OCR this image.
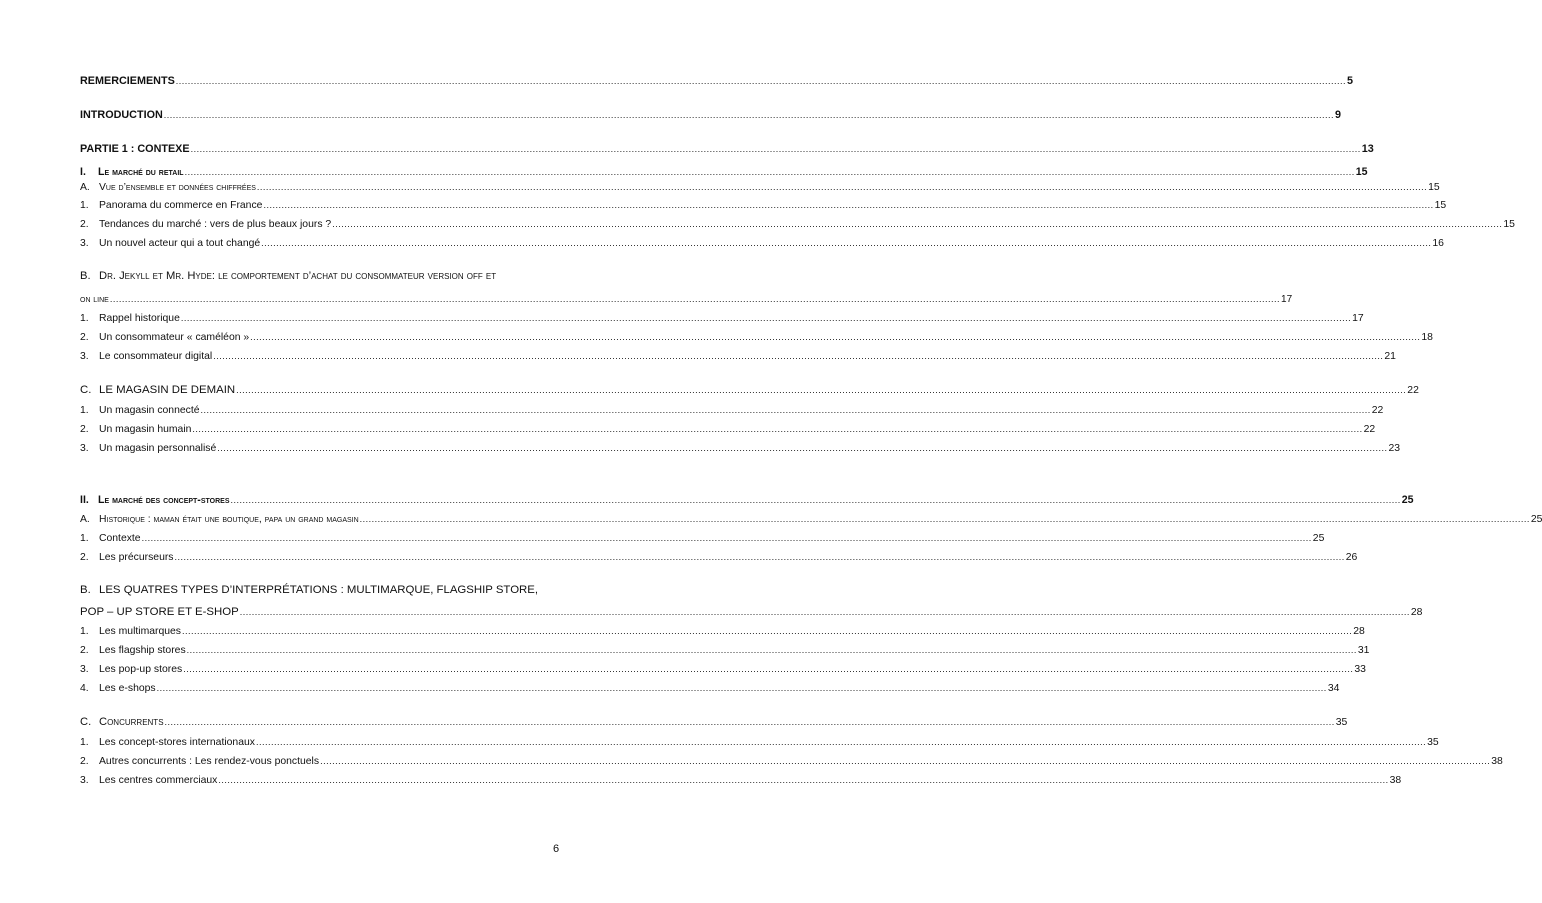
REMERCIEMENTS .....	5
INTRODUCTION .....	9
PARTIE 1 : CONTEXE .....	13
I.	Le marché du retail .....	15
A. Vue d’ensemble et données chiffrées .....	15
1. Panorama du commerce en France .....	15
2. Tendances du marché : vers de plus beaux jours ? .....	15
3. Un nouvel acteur qui a tout changé .....	16
B. Dr. Jekyll et Mr. Hyde: le comportement d’achat du consommateur version off et
on line .....	17
1. Rappel historique .....	17
2. Un consommateur « caméléon » .....	18
3. Le consommateur digital .....	21
C. LE MAGASIN DE DEMAIN .....	22
1. Un magasin connecté .....	22
2. Un magasin humain .....	22
3. Un magasin personnalisé .....	23
II. Le marché des concept-stores .....	25
A. Historique : maman était une boutique, papa un grand magasin .....	25
1. Contexte .....	25
2. Les précurseurs .....	26
B. LES QUATRES TYPES D’INTERPRÉTATIONS : MULTIMARQUE, FLAGSHIP STORE,
POP – UP STORE ET E-SHOP .....	28
1. Les multimarques .....	28
2. Les flagship stores .....	31
3. Les pop-up stores .....	33
4. Les e-shops .....	34
C. Concurrents .....	35
1. Les concept-stores internationaux .....	35
2. Autres concurrents : Les rendez-vous ponctuels .....	38
3. Les centres commerciaux .....	38
6
